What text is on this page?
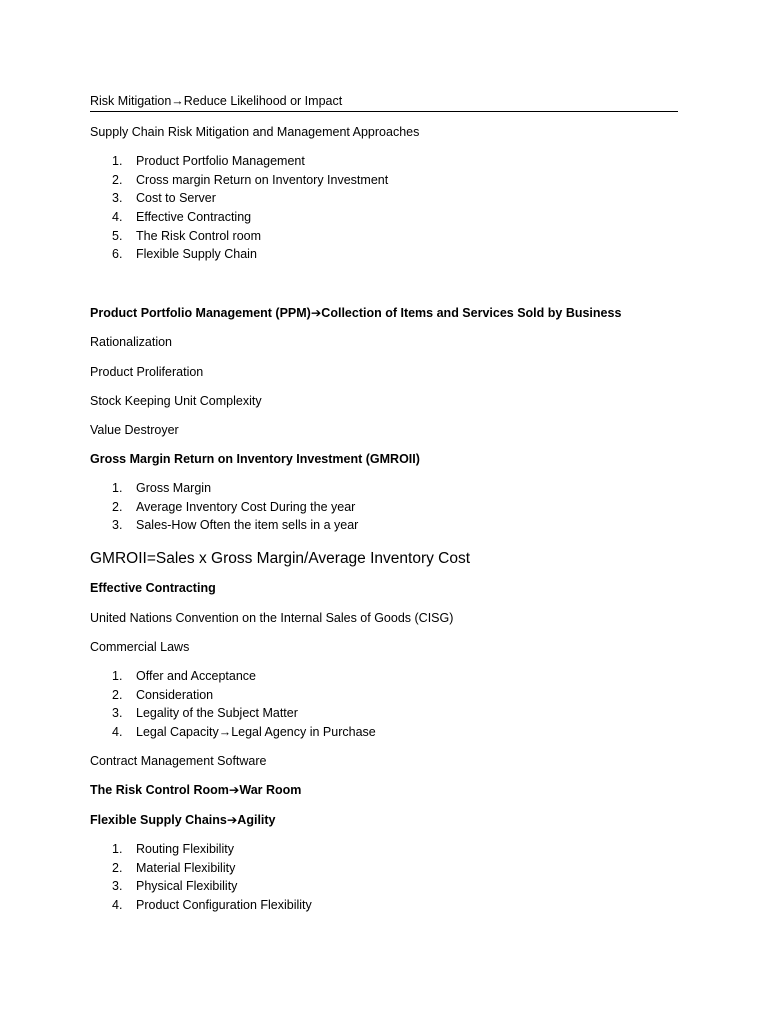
Risk Mitigation→Reduce Likelihood or Impact
Supply Chain Risk Mitigation and Management Approaches
1. Product Portfolio Management
2. Cross margin Return on Inventory Investment
3. Cost to Server
4. Effective Contracting
5. The Risk Control room
6. Flexible Supply Chain
Product Portfolio Management (PPM)➔Collection of Items and Services Sold by Business
Rationalization
Product Proliferation
Stock Keeping Unit Complexity
Value Destroyer
Gross Margin Return on Inventory Investment (GMROII)
1. Gross Margin
2. Average Inventory Cost During the year
3. Sales-How Often the item sells in a year
GMROII=Sales x Gross Margin/Average Inventory Cost
Effective Contracting
United Nations Convention on the Internal Sales of Goods (CISG)
Commercial Laws
1. Offer and Acceptance
2. Consideration
3. Legality of the Subject Matter
4. Legal Capacity→Legal Agency in Purchase
Contract Management Software
The Risk Control Room➔War Room
Flexible Supply Chains➔Agility
1. Routing Flexibility
2. Material Flexibility
3. Physical Flexibility
4. Product Configuration Flexibility
